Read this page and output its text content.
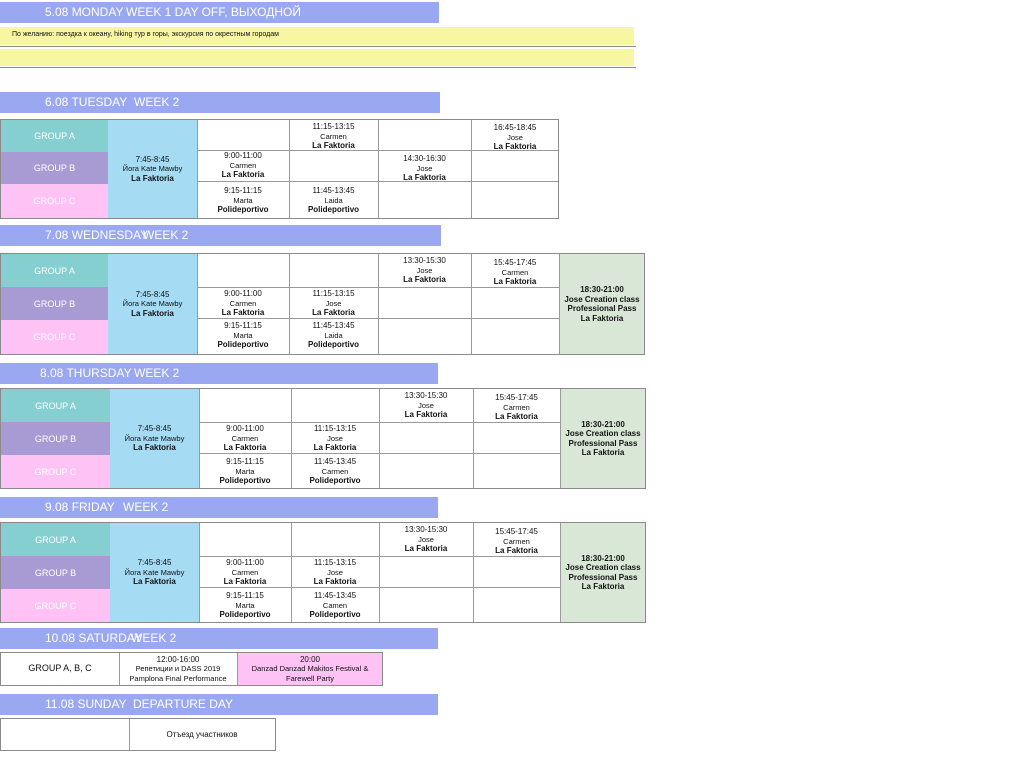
5.08 MONDAY

WEEK 1 DAY OFF, ВЫХОДНОЙ

По желанию: поездка к океану, hiking тур в горы, экскурсия по окрестным городам

6.08 TUESDAY

WEEK 2

GROUP A
GROUP B
GROUP C
7:45-8:45
Йога Kate Mawby
La Faktoria
11:15-13:15
Carmen
La Faktoria
16:45-18:45
Jose
La Faktoria
9:00-11:00
Carmen
La Faktoria
14:30-16:30
Jose
La Faktoria
9:15-11:15
Marta
Polideportivo
11:45-13:45
Laida
Polideportivo

7.08 WEDNESDAY

WEEK 2

GROUP A
GROUP B
GROUP C
7:45-8:45
Йога Kate Mawby
La Faktoria
18:30-21:00
Jose Creation class
Professional Pass
La Faktoria
13:30-15:30
Jose
La Faktoria
15:45-17:45
Carmen
La Faktoria
9:00-11:00
Carmen
La Faktoria
11:15-13:15
Jose
La Faktoria
9:15-11:15
Marta
Polideportivo
11:45-13:45
Laida
Polideportivo

8.08 THURSDAY

WEEK 2

GROUP A
GROUP B
GROUP C
7:45-8:45
Йога Kate Mawby
La Faktoria
18:30-21:00
Jose Creation class
Professional Pass
La Faktoria
13:30-15:30
Jose
La Faktoria
15:45-17:45
Carmen
La Faktoria
9:00-11:00
Carmen
La Faktoria
11:15-13:15
Jose
La Faktoria
9:15-11:15
Marta
Polideportivo
11:45-13:45
Carmen
Polideportivo

9.08 FRIDAY

WEEK 2

GROUP A
GROUP B
GROUP C
7:45-8:45
Йога Kate Mawby
La Faktoria
18:30-21:00
Jose Creation class
Professional Pass
La Faktoria
13:30-15:30
Jose
La Faktoria
15:45-17:45
Carmen
La Faktoria
9:00-11:00
Carmen
La Faktoria
11:15-13:15
Jose
La Faktoria
9:15-11:15
Marta
Polideportivo
11:45-13:45
Camen
Polideportivo

10.08 SATURDAY

WEEK 2

GROUP A, B, C
12:00-16:00
Репетиции и DASS 2019
Pamplona Final Performance
20:00
Danzad Danzad Makitos Festival &
Farewell Party

11.08 SUNDAY

DEPARTURE DAY

Отъезд участников
